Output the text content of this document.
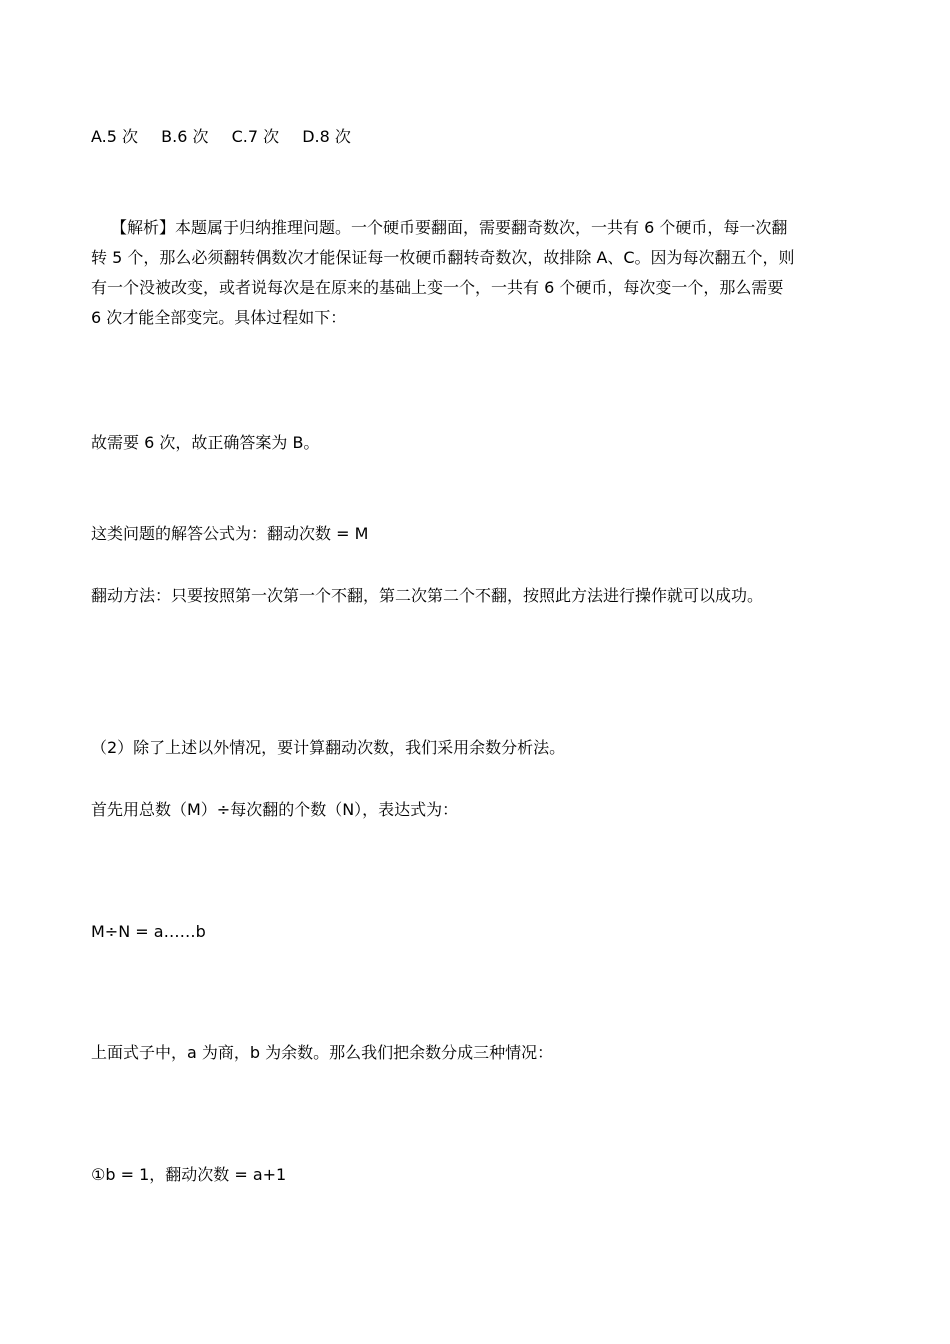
A.5 次 B.6 次 C.7 次 D.8 次
【解析】本题属于归纳推理问题。一个硬币要翻面，需要翻奇数次，一共有 6 个硬币，每一次翻
转 5 个，那么必须翻转偶数次才能保证每一枚硬币翻转奇数次，故排除 A、C。因为每次翻五个，则
有一个没被改变，或者说每次是在原来的基础上变一个，一共有 6 个硬币，每次变一个，那么需要
6 次才能全部变完。具体过程如下：
故需要 6 次，故正确答案为 B。
这类问题的解答公式为：翻动次数 = M
翻动方法：只要按照第一次第一个不翻，第二次第二个不翻，按照此方法进行操作就可以成功。
（2）除了上述以外情况，要计算翻动次数，我们采用余数分析法。
首先用总数（M）÷每次翻的个数（N），表达式为：
M÷N = a……b
上面式子中，a 为商，b 为余数。那么我们把余数分成三种情况：
①b = 1，翻动次数 = a+1
